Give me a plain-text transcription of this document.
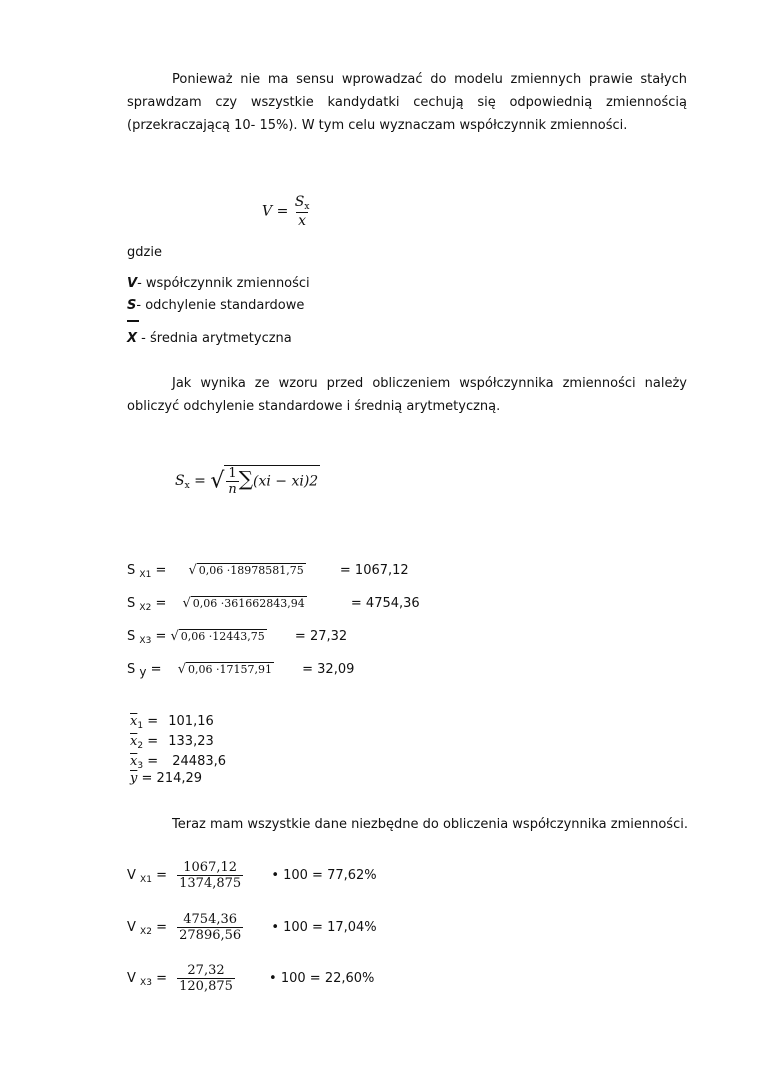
Ponieważ nie ma sensu wprowadzać do modelu zmiennych prawie stałych sprawdzam czy wszystkie kandydatki cechują się odpowiednią zmiennością (przekraczającą 10- 15%). W tym celu wyznaczam współczynnik zmienności.
$V = \frac{S_x}{x}$
gdzie
V- współczynnik zmienności
S- odchylenie standardowe
X - średnia arytmetyczna
Jak wynika ze wzoru przed obliczeniem współczynnika zmienności należy obliczyć odchylenie standardowe i średnią arytmetyczną.
$S_x$ = √ $\frac{1}{n} \sum(xi - xi)2$
S $_{X1}$ = √ 0,06 ·18978581,75	= 1067,12
S $_{X2}$ = √ 0,06 ·361662843,94	= 4754,36
S $_{X3}$ = √ 0,06 ·12443,75 = 27,32
S y = √ 0,06 ·17157,91 = 32,09
$\overline{x}_1 = 101,16$
$\overline{x}_2 = 133,23$
$\overline{x}_3 = 24483,6$
$\overline{y} = 214,29$
Teraz mam wszystkie dane niezbędne do obliczenia współczynnika zmienności.
V $_{X1} = \frac{1067,12}{1374,875}$ • 100 = 77,62%
V $_{X2} = \frac{4754,36}{27896,56}$ • 100 = 17,04%
V $_{X3} = \frac{27,32}{120,875}$	• 100 = 22,60%
